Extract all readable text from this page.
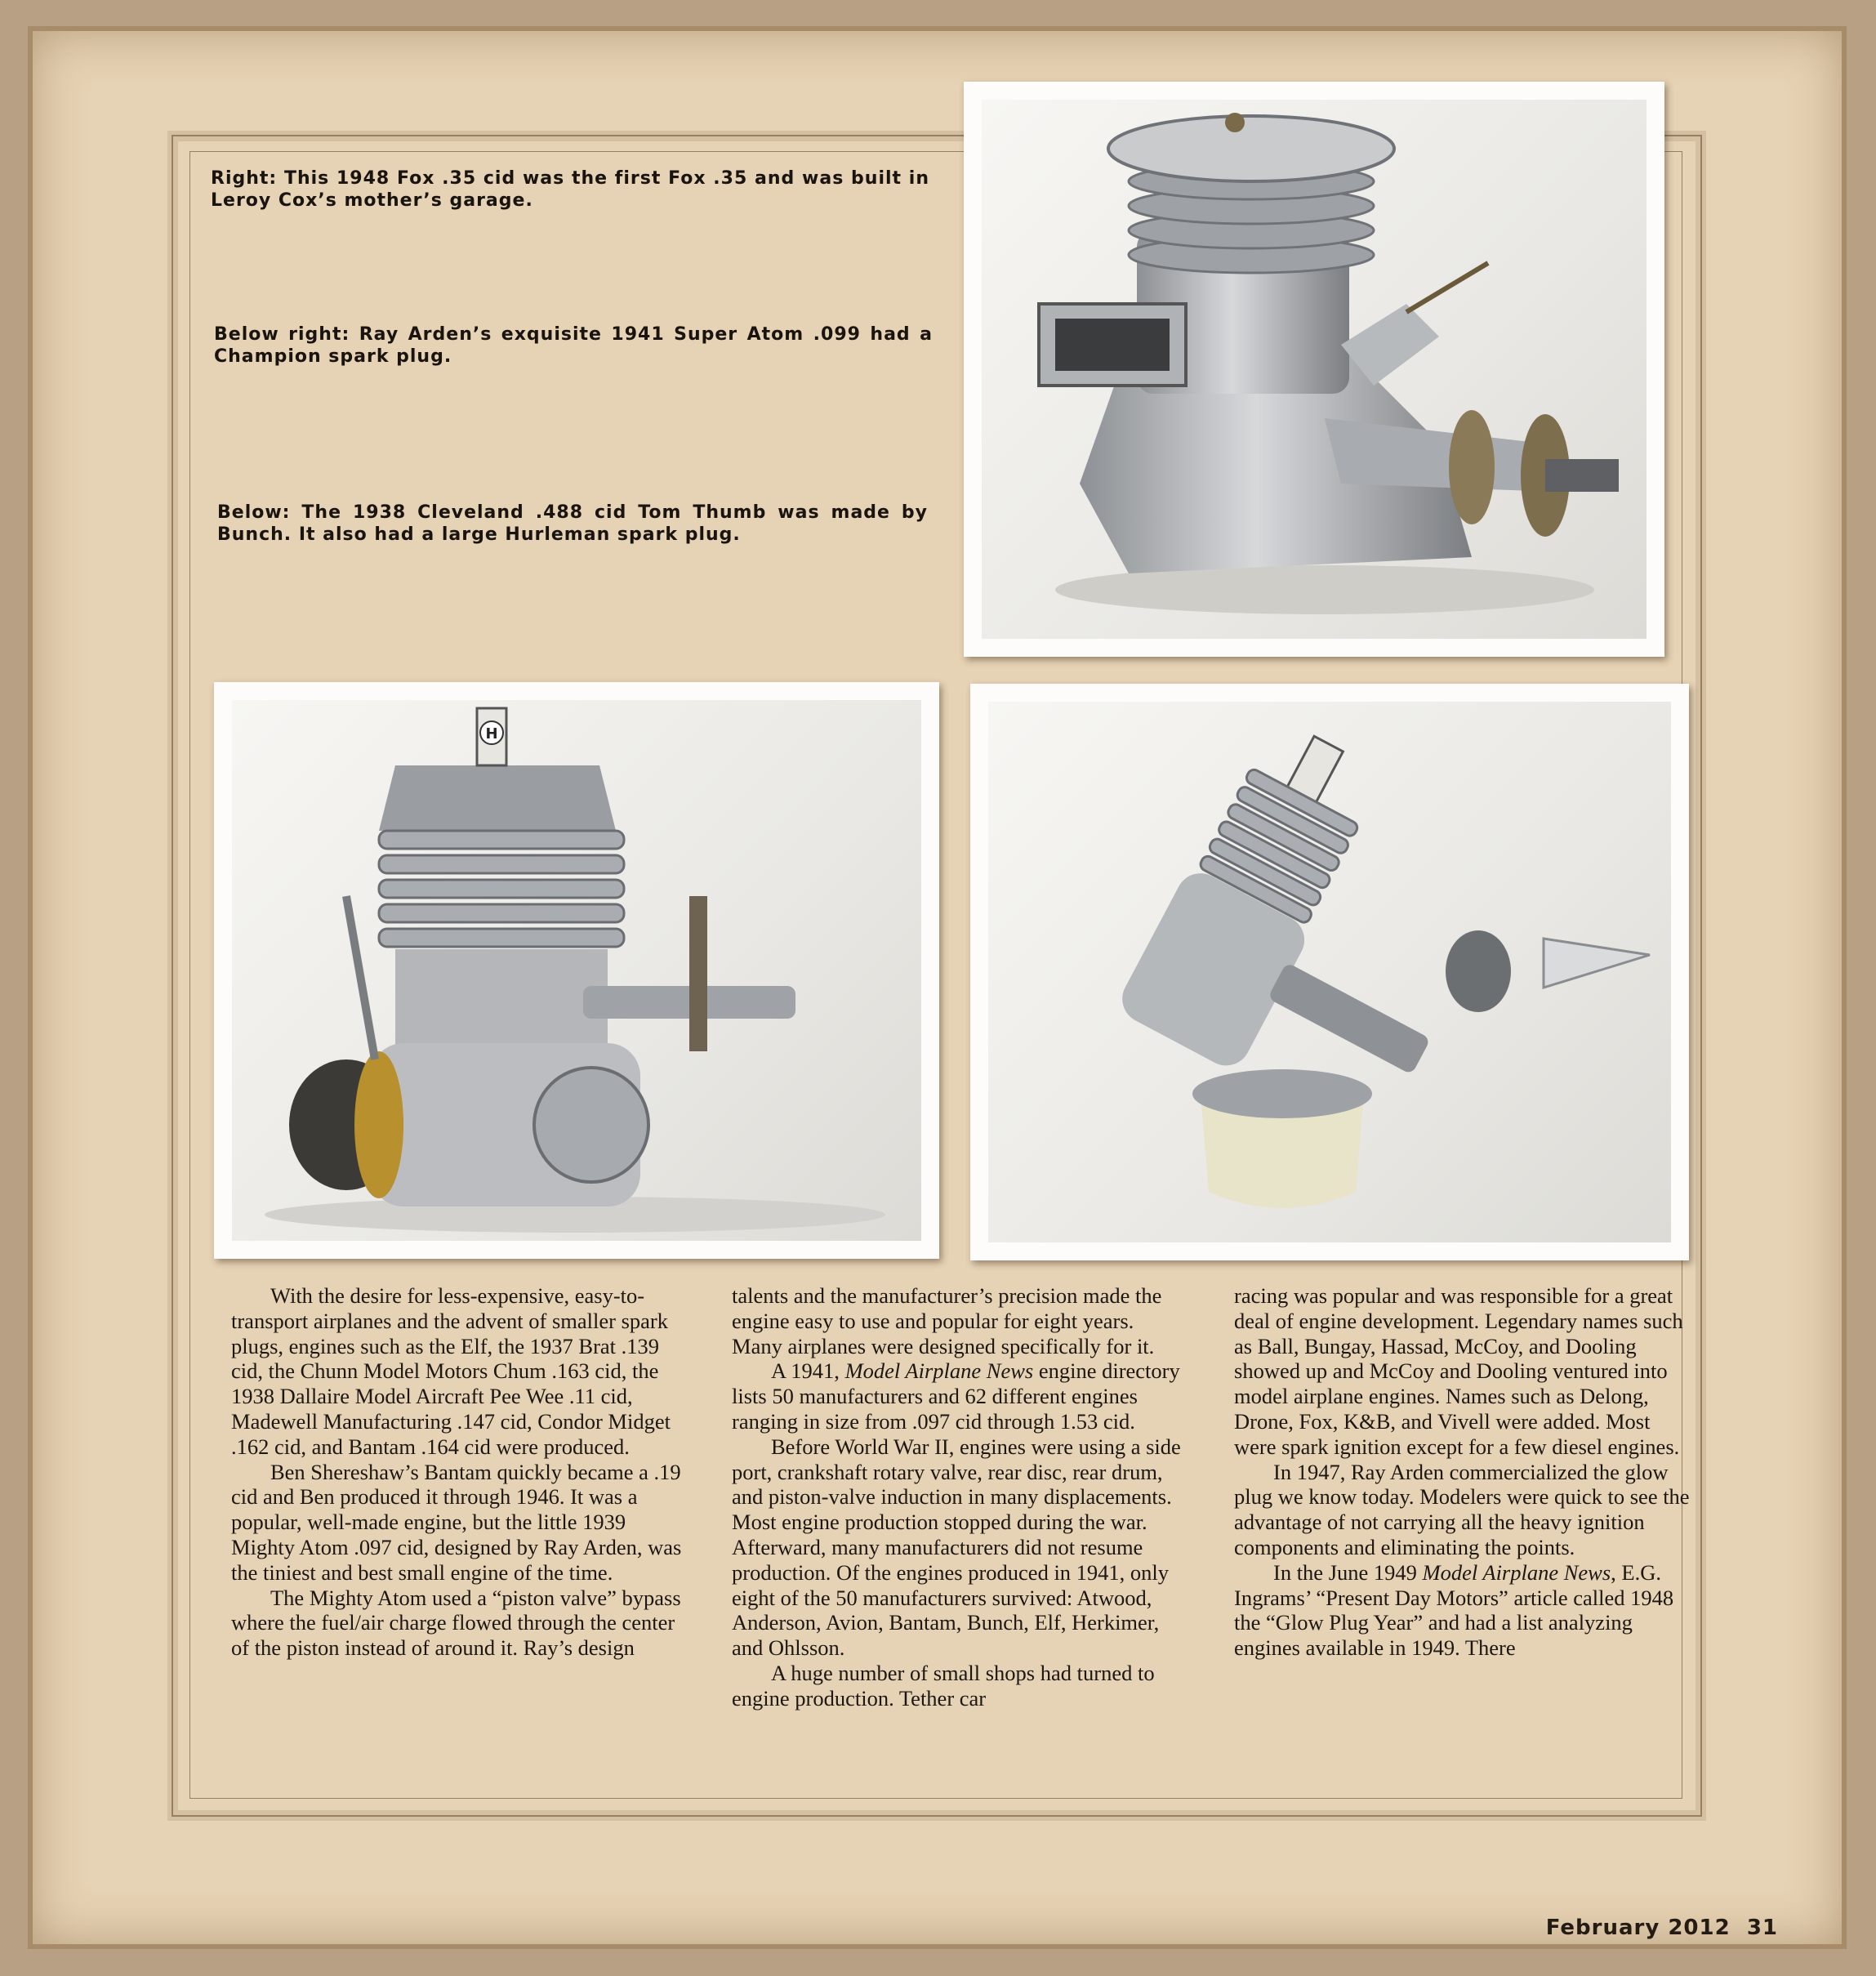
Right: This 1948 Fox .35 cid was the first Fox .35 and was built in Leroy Cox’s mother’s garage.
Below right: Ray Arden’s exquisite 1941 Super Atom .099 had a Champion spark plug.
Below: The 1938 Cleveland .488 cid Tom Thumb was made by Bunch. It also had a large Hurleman spark plug.
H

With the desire for less-expensive, easy-to-transport airplanes and the advent of smaller spark plugs, engines such as the Elf, the 1937 Brat .139 cid, the Chunn Model Motors Chum .163 cid, the 1938 Dallaire Model Aircraft Pee Wee .11 cid, Madewell Manufacturing .147 cid, Condor Midget .162 cid, and Bantam .164 cid were produced.

Ben Shereshaw’s Bantam quickly became a .19 cid and Ben produced it through 1946. It was a popular, well-made engine, but the little 1939 Mighty Atom .097 cid, designed by Ray Arden, was the tiniest and best small engine of the time.

The Mighty Atom used a “piston valve” bypass where the fuel/air charge flowed through the center of the piston instead of around it. Ray’s design

talents and the manufacturer’s precision made the engine easy to use and popular for eight years. Many airplanes were designed specifically for it.

A 1941, Model Airplane News engine directory lists 50 manufacturers and 62 different engines ranging in size from .097 cid through 1.53 cid.

Before World War II, engines were using a side port, crankshaft rotary valve, rear disc, rear drum, and piston-valve induction in many displacements. Most engine production stopped during the war. Afterward, many manufacturers did not resume production. Of the engines produced in 1941, only eight of the 50 manufacturers survived: Atwood, Anderson, Avion, Bantam, Bunch, Elf, Herkimer, and Ohlsson.

A huge number of small shops had turned to engine production. Tether car

racing was popular and was responsible for a great deal of engine development. Legendary names such as Ball, Bungay, Hassad, McCoy, and Dooling showed up and McCoy and Dooling ventured into model airplane engines. Names such as Delong, Drone, Fox, K&B, and Vivell were added. Most were spark ignition except for a few diesel engines.

In 1947, Ray Arden commercialized the glow plug we know today. Modelers were quick to see the advantage of not carrying all the heavy ignition components and eliminating the points.

In the June 1949 Model Airplane News, E.G. Ingrams’ “Present Day Motors” article called 1948 the “Glow Plug Year” and had a list analyzing engines available in 1949. There

February 2012 31
